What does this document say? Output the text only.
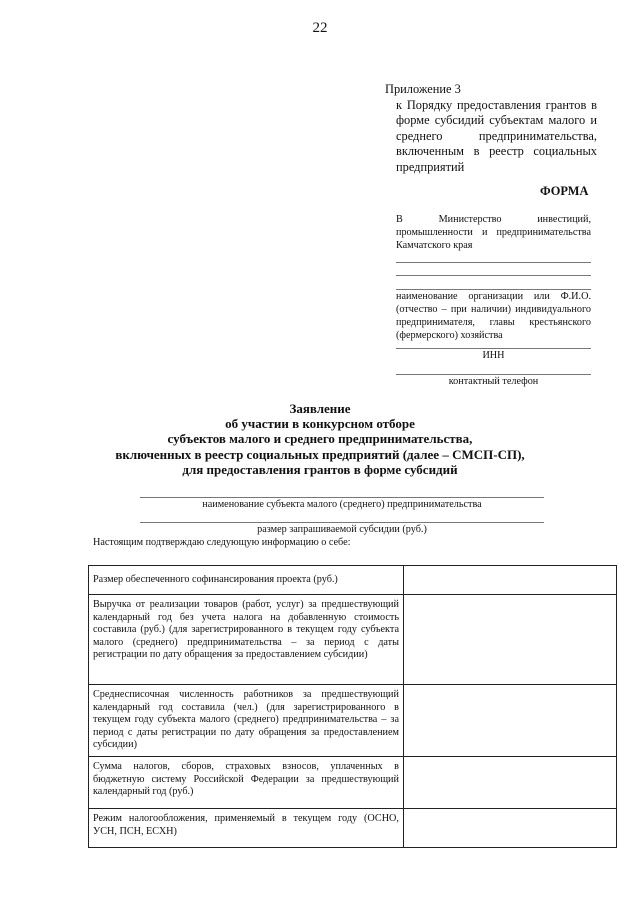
22
Приложение 3
к Порядку предоставления грантов в форме субсидий субъектам малого и среднего предпринимательства, включенным в реестр социальных предприятий
ФОРМА
В Министерство инвестиций, промышленности и предпринимательства Камчатского края
наименование организации или Ф.И.О. (отчество – при наличии) индивидуального предпринимателя, главы крестьянского (фермерского) хозяйства
ИНН
контактный телефон
Заявление
об участии в конкурсном отборе
субъектов малого и среднего предпринимательства,
включенных в реестр социальных предприятий (далее – СМСП-СП),
для предоставления грантов в форме субсидий
наименование субъекта малого (среднего) предпринимательства
размер запрашиваемой субсидии (руб.)
Настоящим подтверждаю следующую информацию о себе:
Размер обеспеченного софинансирования проекта (руб.)	
Выручка от реализации товаров (работ, услуг) за предшествующий календарный год без учета налога на добавленную стоимость составила (руб.) (для зарегистрированного в текущем году субъекта малого (среднего) предпринимательства – за период с даты регистрации по дату обращения за предоставлением субсидии)	
Среднесписочная численность работников за предшествующий календарный год составила (чел.) (для зарегистрированного в текущем году субъекта малого (среднего) предпринимательства – за период с даты регистрации по дату обращения за предоставлением субсидии)	
Сумма налогов, сборов, страховых взносов, уплаченных в бюджетную систему Российской Федерации за предшествующий календарный год (руб.)	
Режим налогообложения, применяемый в текущем году (ОСНО, УСН, ПСН, ЕСХН)	
